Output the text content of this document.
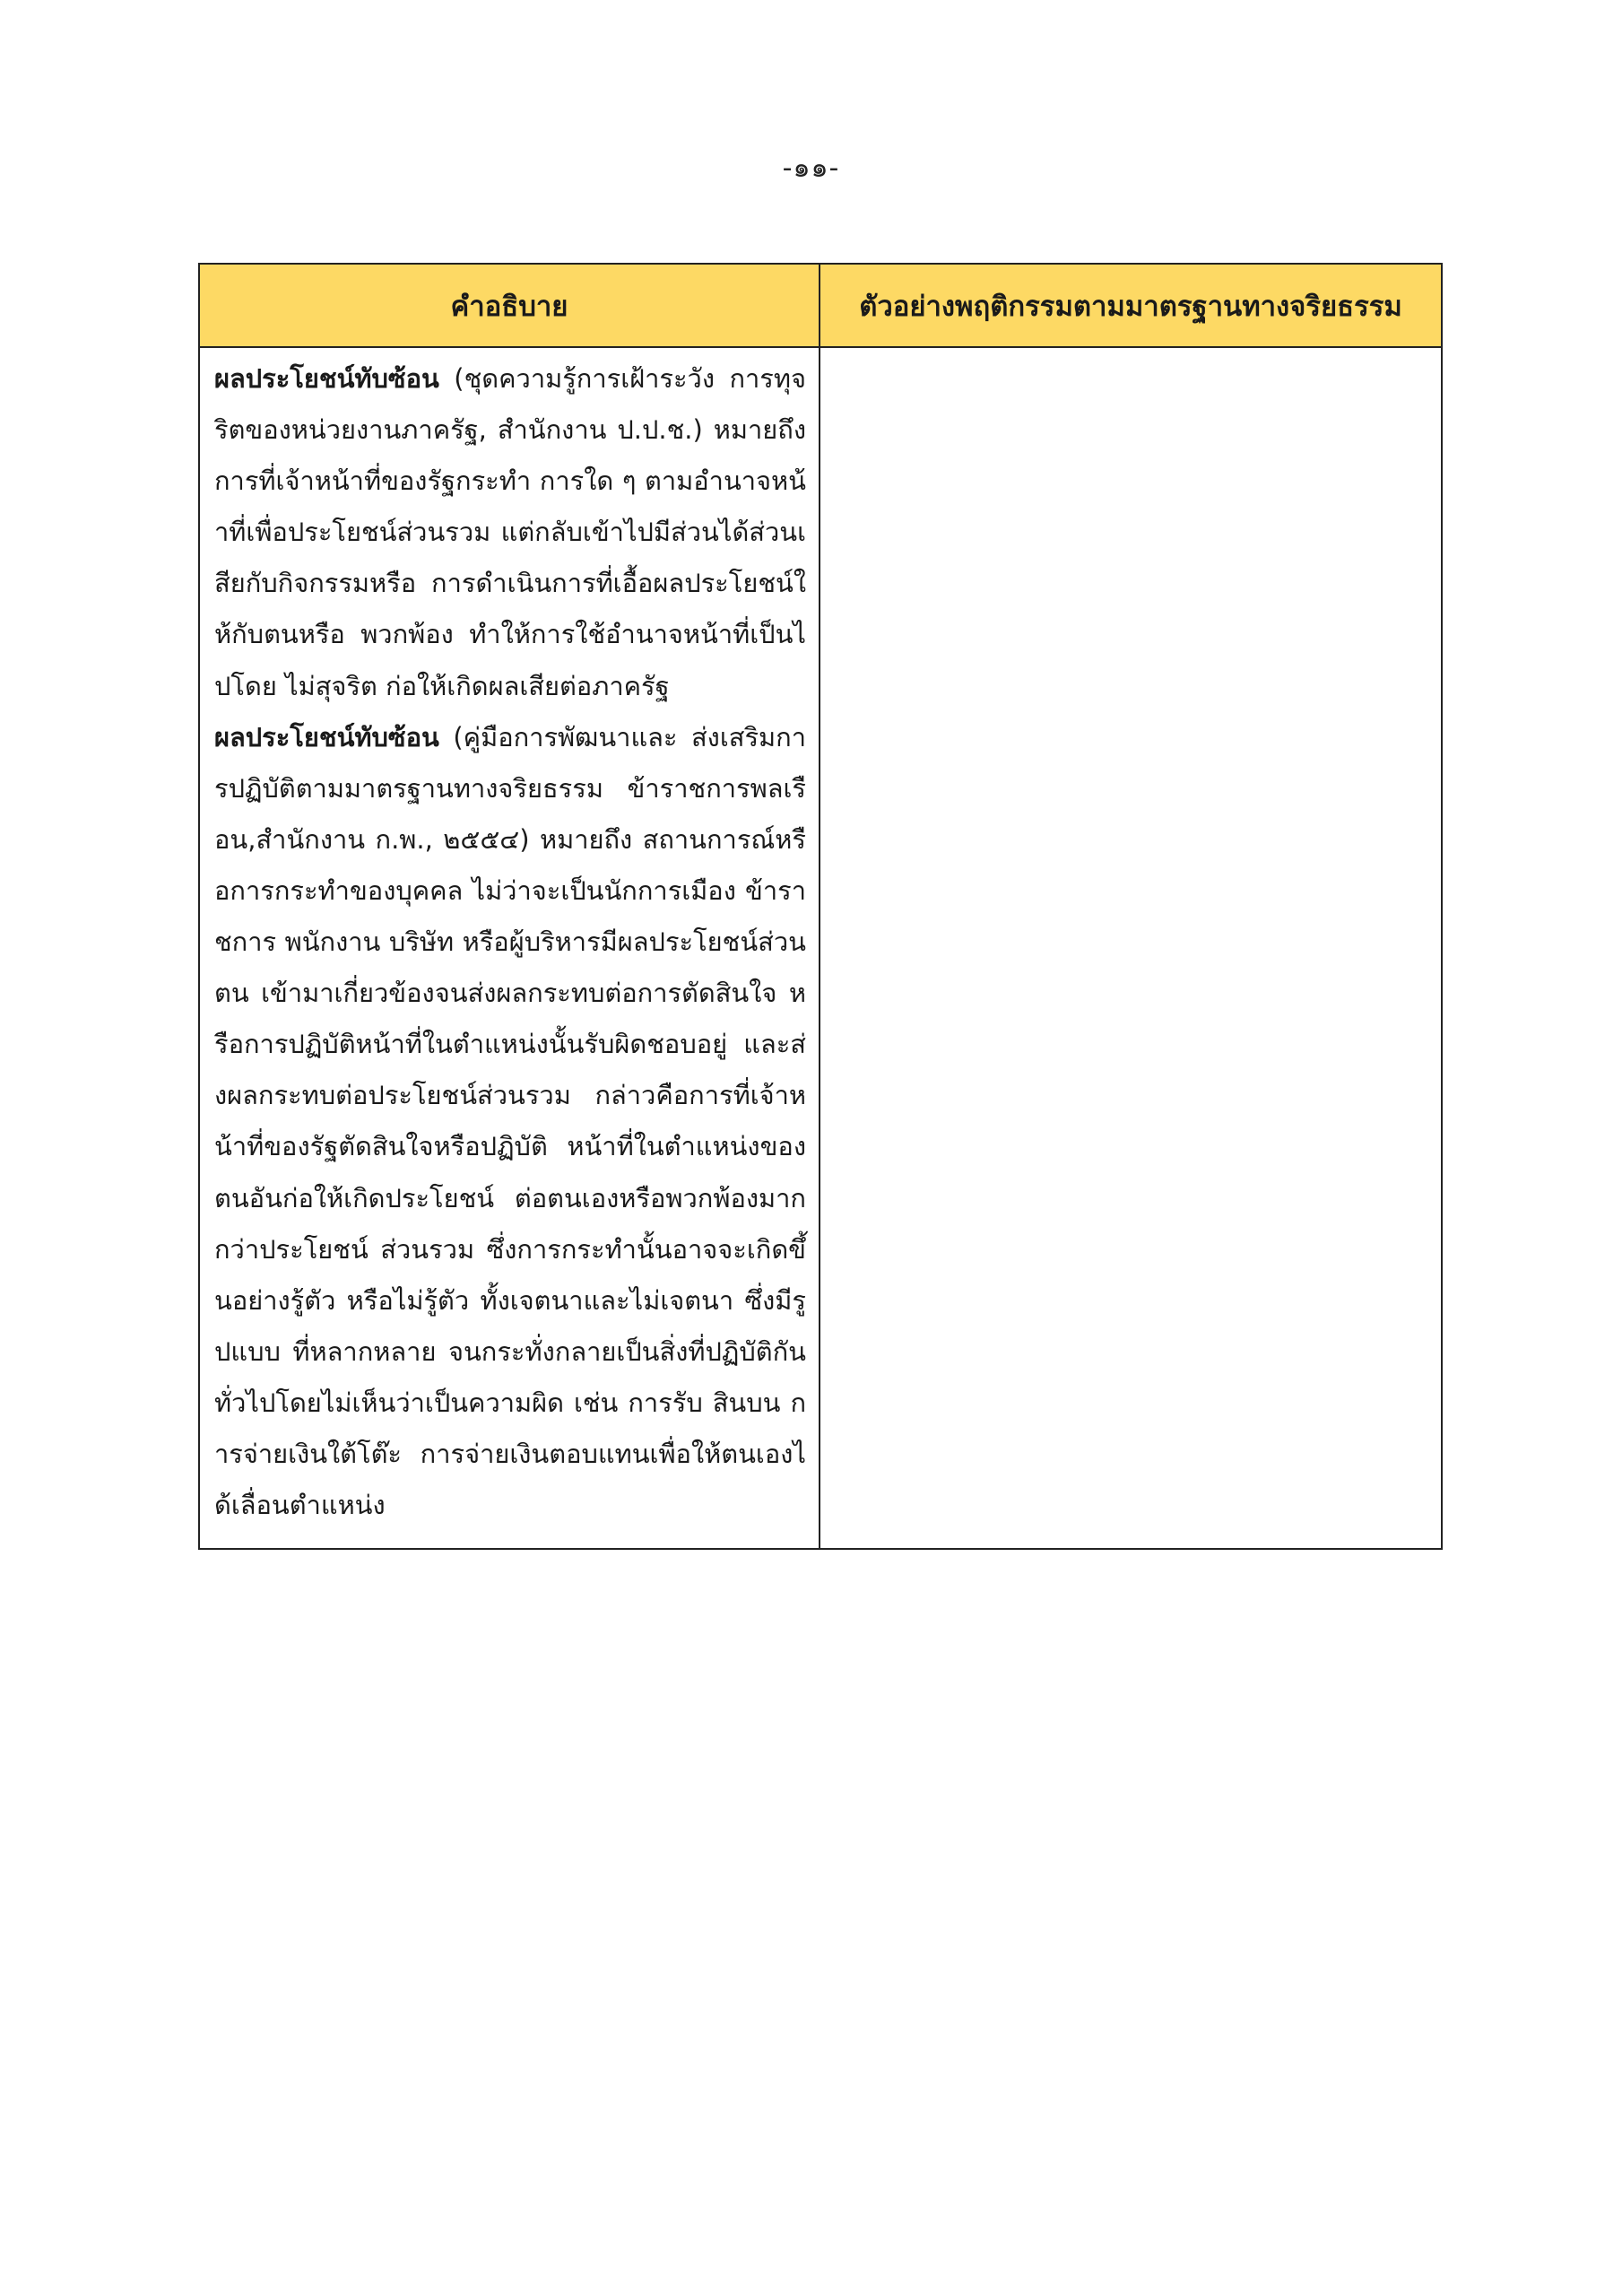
-๑๑-
คำอธิบาย	ตัวอย่างพฤติกรรมตามมาตรฐานทางจริยธรรม

ผลประโยชน์ทับซ้อน (ชุดความรู้การเฝ้าระวัง การทุจริตของหน่วยงานภาครัฐ, สำนักงาน ป.ป.ช.) หมายถึงการที่เจ้าหน้าที่ของรัฐกระทำ การใด ๆ ตามอำนาจหน้าที่เพื่อประโยชน์ส่วนรวม แต่กลับเข้าไปมีส่วนได้ส่วนเสียกับกิจกรรมหรือ การดำเนินการที่เอื้อผลประโยชน์ให้กับตนหรือ พวกพ้อง ทำให้การใช้อำนาจหน้าที่เป็นไปโดย ไม่สุจริต ก่อให้เกิดผลเสียต่อภาครัฐ

ผลประโยชน์ทับซ้อน (คู่มือการพัฒนาและ ส่งเสริมการปฏิบัติตามมาตรฐานทางจริยธรรม ข้าราชการพลเรือน,สำนักงาน ก.พ., ๒๕๕๔) หมายถึง สถานการณ์หรือการกระทำของบุคคล ไม่ว่าจะเป็นนักการเมือง ข้าราชการ พนักงาน บริษัท หรือผู้บริหารมีผลประโยชน์ส่วนตน เข้ามาเกี่ยวข้องจนส่งผลกระทบต่อการตัดสินใจ หรือการปฏิบัติหน้าที่ในตำแหน่งนั้นรับผิดชอบอยู่ และส่งผลกระทบต่อประโยชน์ส่วนรวม กล่าวคือการที่เจ้าหน้าที่ของรัฐตัดสินใจหรือปฏิบัติ หน้าที่ในตำแหน่งของตนอันก่อให้เกิดประโยชน์ ต่อตนเองหรือพวกพ้องมากกว่าประโยชน์ ส่วนรวม ซึ่งการกระทำนั้นอาจจะเกิดขึ้นอย่างรู้ตัว หรือไม่รู้ตัว ทั้งเจตนาและไม่เจตนา ซึ่งมีรูปแบบ ที่หลากหลาย จนกระทั่งกลายเป็นสิ่งที่ปฏิบัติกัน ทั่วไปโดยไม่เห็นว่าเป็นความผิด เช่น การรับ สินบน การจ่ายเงินใต้โต๊ะ การจ่ายเงินตอบแทนเพื่อให้ตนเองได้เลื่อนตำแหน่ง	
